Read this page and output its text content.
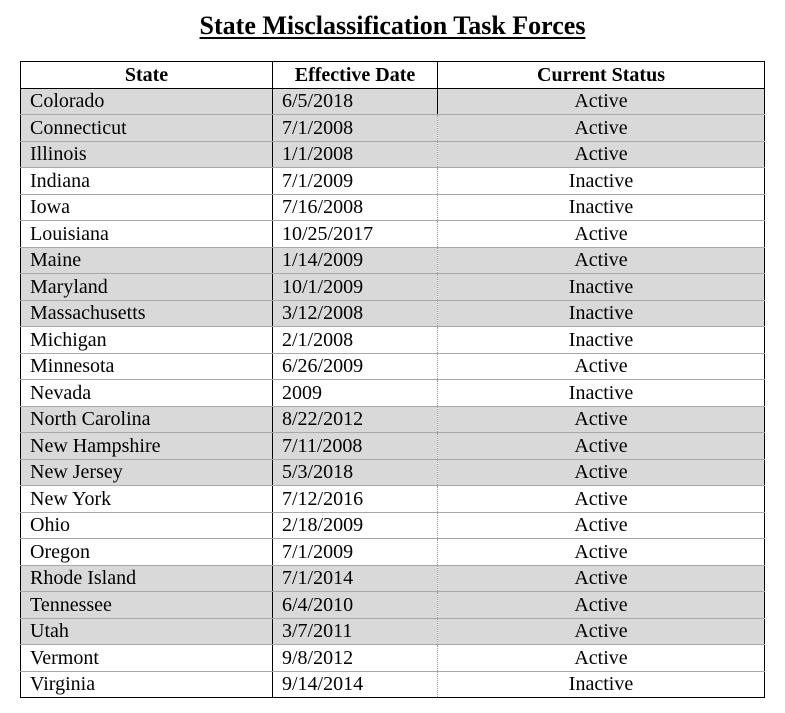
State Misclassification Task Forces
State	Effective Date	Current Status
Colorado	6/5/2018	Active
Connecticut	7/1/2008	Active
Illinois	1/1/2008	Active
Indiana	7/1/2009	Inactive
Iowa	7/16/2008	Inactive
Louisiana	10/25/2017	Active
Maine	1/14/2009	Active
Maryland	10/1/2009	Inactive
Massachusetts	3/12/2008	Inactive
Michigan	2/1/2008	Inactive
Minnesota	6/26/2009	Active
Nevada	2009	Inactive
North Carolina	8/22/2012	Active
New Hampshire	7/11/2008	Active
New Jersey	5/3/2018	Active
New York	7/12/2016	Active
Ohio	2/18/2009	Active
Oregon	7/1/2009	Active
Rhode Island	7/1/2014	Active
Tennessee	6/4/2010	Active
Utah	3/7/2011	Active
Vermont	9/8/2012	Active
Virginia	9/14/2014	Inactive
